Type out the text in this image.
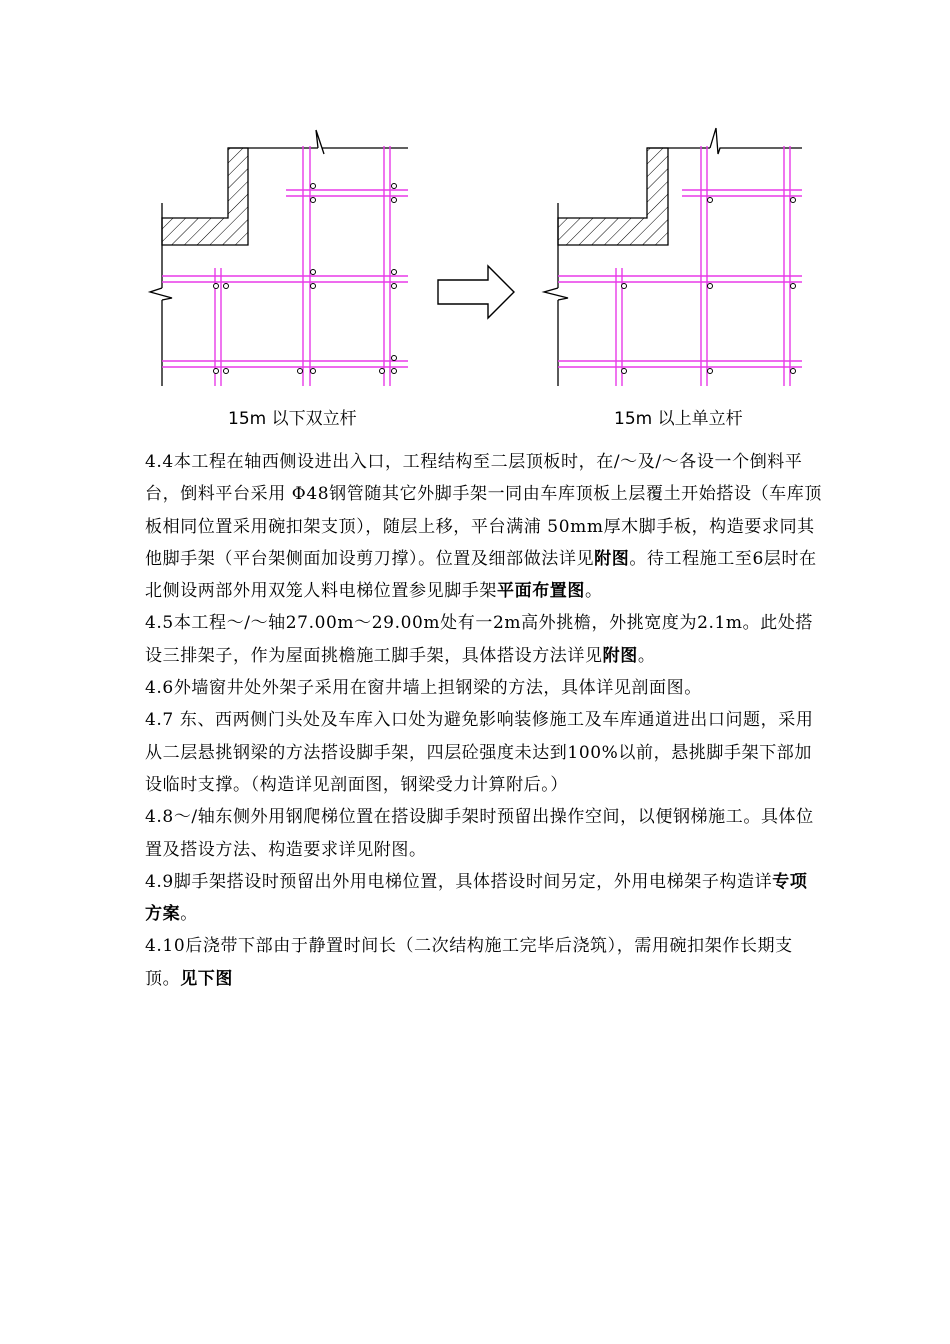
15m 以下双立杆	15m 以上单立杆

4.4本工程在轴西侧设进出入口，工程结构至二层顶板时，在/～及/～各设一个倒料平台，倒料平台采用 Φ48钢管随其它外脚手架一同由车库顶板上层覆土开始搭设（车库顶板相同位置采用碗扣架支顶），随层上移，平台满浦 50mm厚木脚手板，构造要求同其他脚手架（平台架侧面加设剪刀撑）。位置及细部做法详见附图。待工程施工至6层时在北侧设两部外用双笼人料电梯位置参见脚手架平面布置图。

4.5本工程～/～轴27.00m～29.00m处有一2m高外挑檐，外挑宽度为2.1m。此处搭设三排架子，作为屋面挑檐施工脚手架，具体搭设方法详见附图。

4.6外墙窗井处外架子采用在窗井墙上担钢梁的方法，具体详见剖面图。

4.7 东、西两侧门头处及车库入口处为避免影响装修施工及车库通道进出口问题，采用从二层悬挑钢梁的方法搭设脚手架，四层砼强度未达到100%以前，悬挑脚手架下部加设临时支撑。（构造详见剖面图，钢梁受力计算附后。）

4.8～/轴东侧外用钢爬梯位置在搭设脚手架时预留出操作空间，以便钢梯施工。具体位置及搭设方法、构造要求详见附图。

4.9脚手架搭设时预留出外用电梯位置，具体搭设时间另定，外用电梯架子构造详专项方案。

4.10后浇带下部由于静置时间长（二次结构施工完毕后浇筑），需用碗扣架作长期支顶。见下图
